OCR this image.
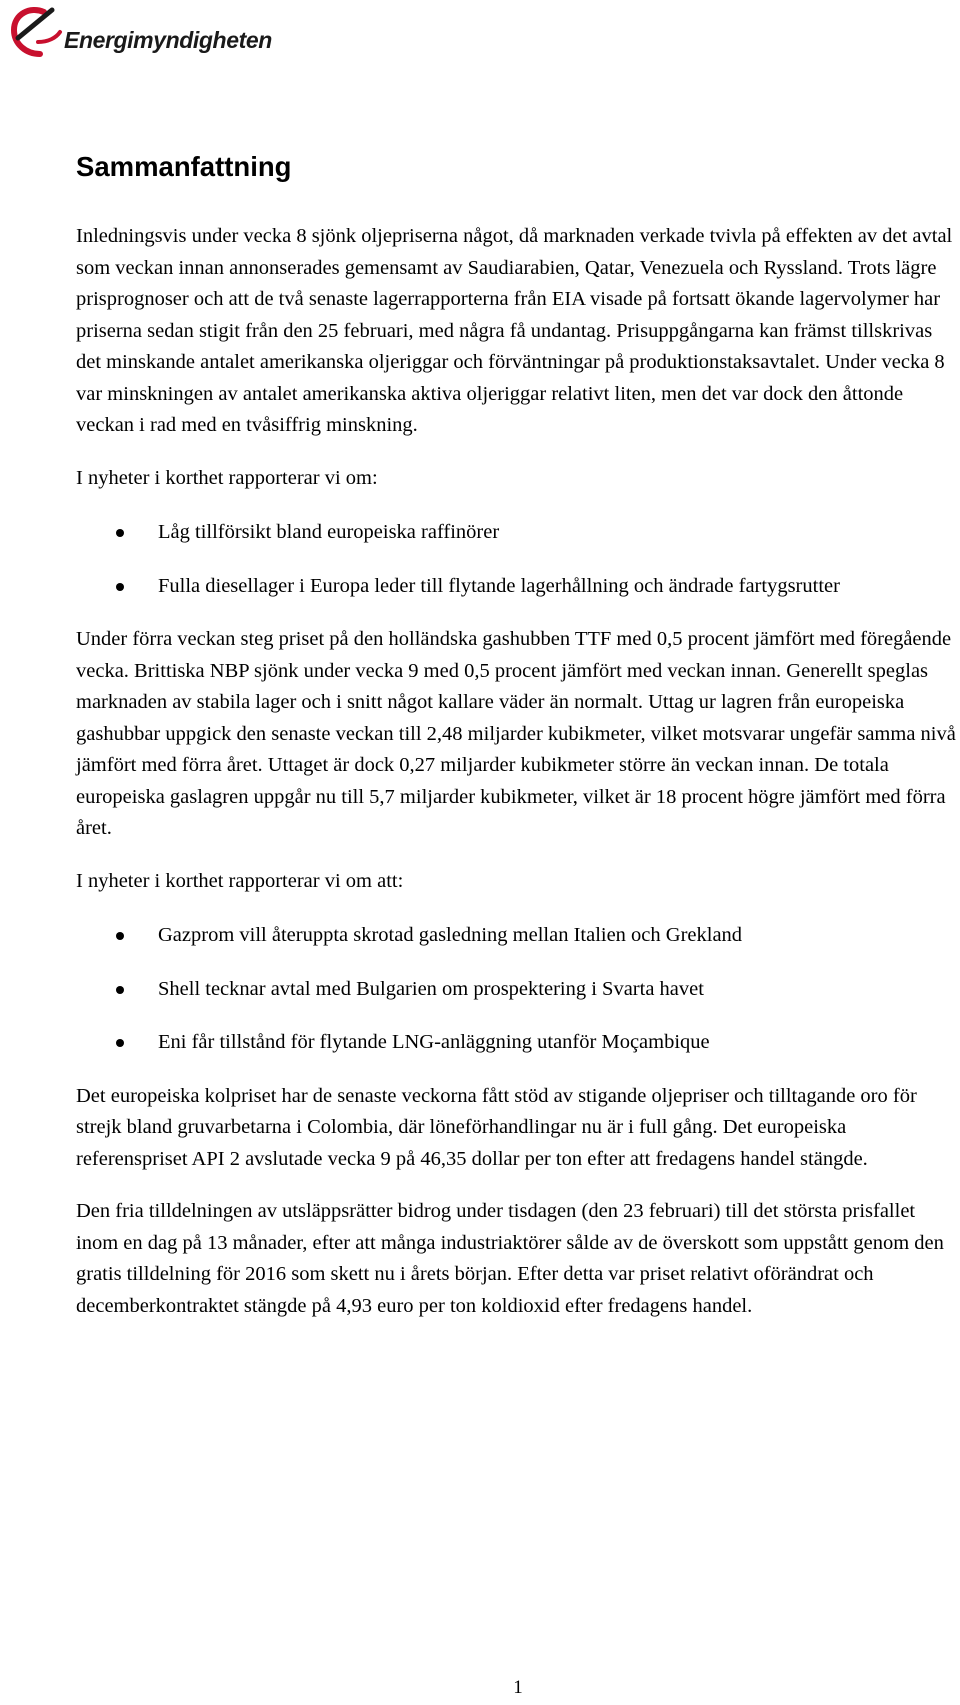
Energimyndigheten
Sammanfattning

Inledningsvis under vecka 8 sjönk oljepriserna något, då marknaden verkade tvivla på effekten av det avtal som veckan innan annonserades gemensamt av Saudiarabien, Qatar, Venezuela och Ryssland. Trots lägre prisprognoser och att de två senaste lagerrapporterna från EIA visade på fortsatt ökande lagervolymer har priserna sedan stigit från den 25 februari, med några få undantag. Prisuppgångarna kan främst tillskrivas det minskande antalet amerikanska oljeriggar och förväntningar på produktionstaksavtalet. Under vecka 8 var minskningen av antalet amerikanska aktiva oljeriggar relativt liten, men det var dock den åttonde veckan i rad med en tvåsiffrig minskning.

I nyheter i korthet rapporterar vi om:

Låg tillförsikt bland europeiska raffinörer
Fulla diesellager i Europa leder till flytande lagerhållning och ändrade fartygsrutter

Under förra veckan steg priset på den holländska gashubben TTF med 0,5 procent jämfört med föregående vecka. Brittiska NBP sjönk under vecka 9 med 0,5 procent jämfört med veckan innan. Generellt speglas marknaden av stabila lager och i snitt något kallare väder än normalt. Uttag ur lagren från europeiska gashubbar uppgick den senaste veckan till 2,48 miljarder kubikmeter, vilket motsvarar ungefär samma nivå jämfört med förra året. Uttaget är dock 0,27 miljarder kubikmeter större än veckan innan. De totala europeiska gaslagren uppgår nu till 5,7 miljarder kubikmeter, vilket är 18 procent högre jämfört med förra året.

I nyheter i korthet rapporterar vi om att:

Gazprom vill återuppta skrotad gasledning mellan Italien och Grekland
Shell tecknar avtal med Bulgarien om prospektering i Svarta havet
Eni får tillstånd för flytande LNG-anläggning utanför Moçambique

Det europeiska kolpriset har de senaste veckorna fått stöd av stigande oljepriser och tilltagande oro för strejk bland gruvarbetarna i Colombia, där löneförhandlingar nu är i full gång. Det europeiska referenspriset API 2 avslutade vecka 9 på 46,35 dollar per ton efter att fredagens handel stängde.

Den fria tilldelningen av utsläppsrätter bidrog under tisdagen (den 23 februari) till det största prisfallet inom en dag på 13 månader, efter att många industriaktörer sålde av de överskott som uppstått genom den gratis tilldelning för 2016 som skett nu i årets början. Efter detta var priset relativt oförändrat och decemberkontraktet stängde på 4,93 euro per ton koldioxid efter fredagens handel.

1
